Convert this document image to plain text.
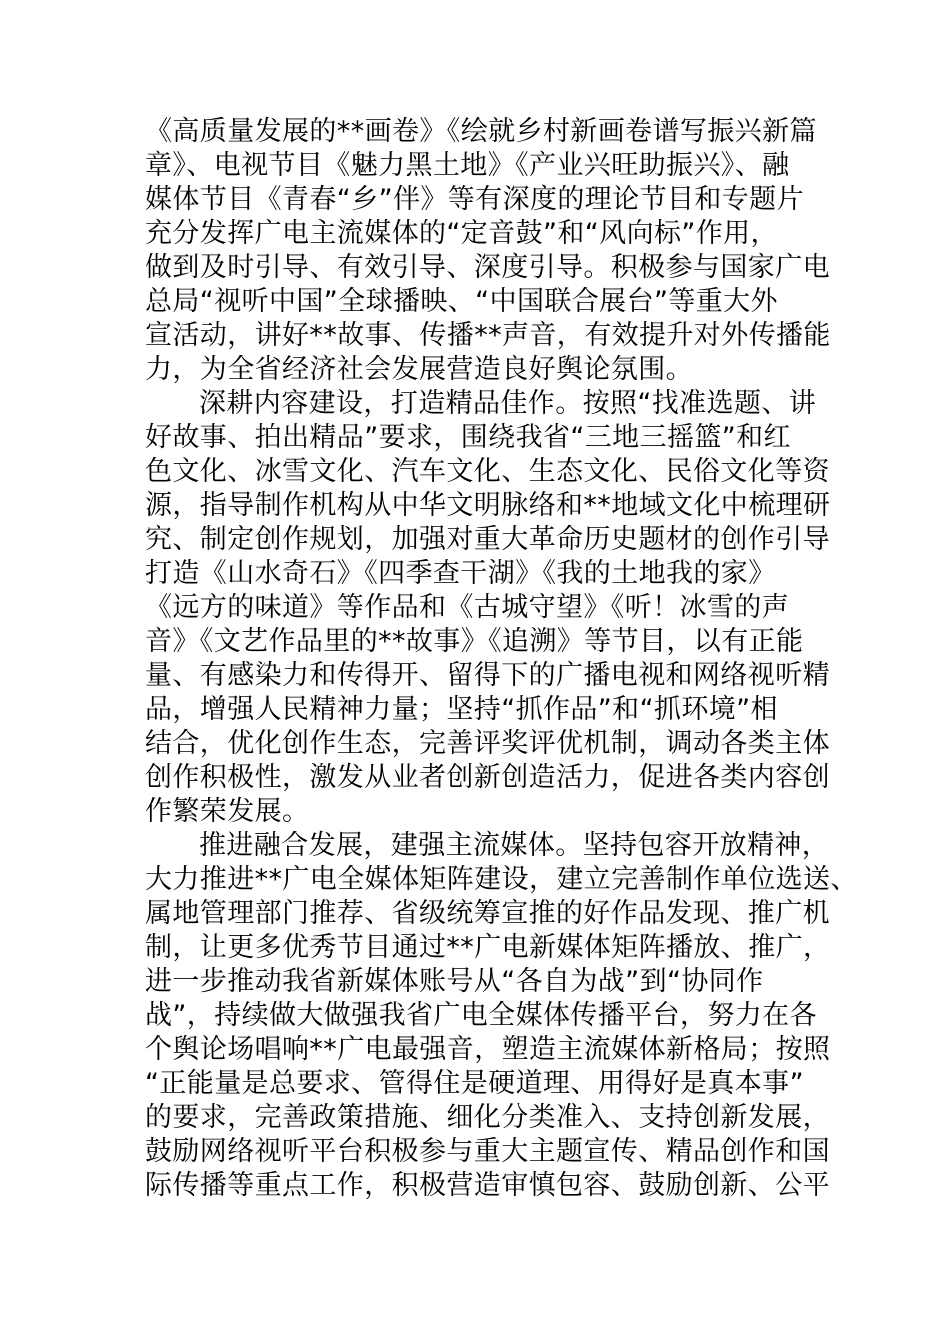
《高质量发展的**画卷》《绘就乡村新画卷谱写振兴新篇
章》、电视节目《魅力黑土地》《产业兴旺助振兴》、融
媒体节目《青春“乡”伴》等有深度的理论节目和专题片
充分发挥广电主流媒体的“定音鼓”和“风向标”作用，
做到及时引导、有效引导、深度引导。积极参与国家广电
总局“视听中国”全球播映、“中国联合展台”等重大外
宣活动，讲好**故事、传播**声音，有效提升对外传播能
力，为全省经济社会发展营造良好舆论氛围。
深耕内容建设，打造精品佳作。按照“找准选题、讲
好故事、拍出精品”要求，围绕我省“三地三摇篮”和红
色文化、冰雪文化、汽车文化、生态文化、民俗文化等资
源，指导制作机构从中华文明脉络和**地域文化中梳理研
究、制定创作规划，加强对重大革命历史题材的创作引导
打造《山水奇石》《四季查干湖》《我的土地我的家》
《远方的味道》等作品和《古城守望》《听！冰雪的声
音》《文艺作品里的**故事》《追溯》等节目，以有正能
量、有感染力和传得开、留得下的广播电视和网络视听精
品，增强人民精神力量；坚持“抓作品”和“抓环境”相
结合，优化创作生态，完善评奖评优机制，调动各类主体
创作积极性，激发从业者创新创造活力，促进各类内容创
作繁荣发展。
推进融合发展，建强主流媒体。坚持包容开放精神，
大力推进**广电全媒体矩阵建设，建立完善制作单位选送、
属地管理部门推荐、省级统筹宣推的好作品发现、推广机
制，让更多优秀节目通过**广电新媒体矩阵播放、推广，
进一步推动我省新媒体账号从“各自为战”到“协同作
战”，持续做大做强我省广电全媒体传播平台，努力在各
个舆论场唱响**广电最强音，塑造主流媒体新格局；按照
“正能量是总要求、管得住是硬道理、用得好是真本事”
的要求，完善政策措施、细化分类准入、支持创新发展，
鼓励网络视听平台积极参与重大主题宣传、精品创作和国
际传播等重点工作，积极营造审慎包容、鼓励创新、公平
